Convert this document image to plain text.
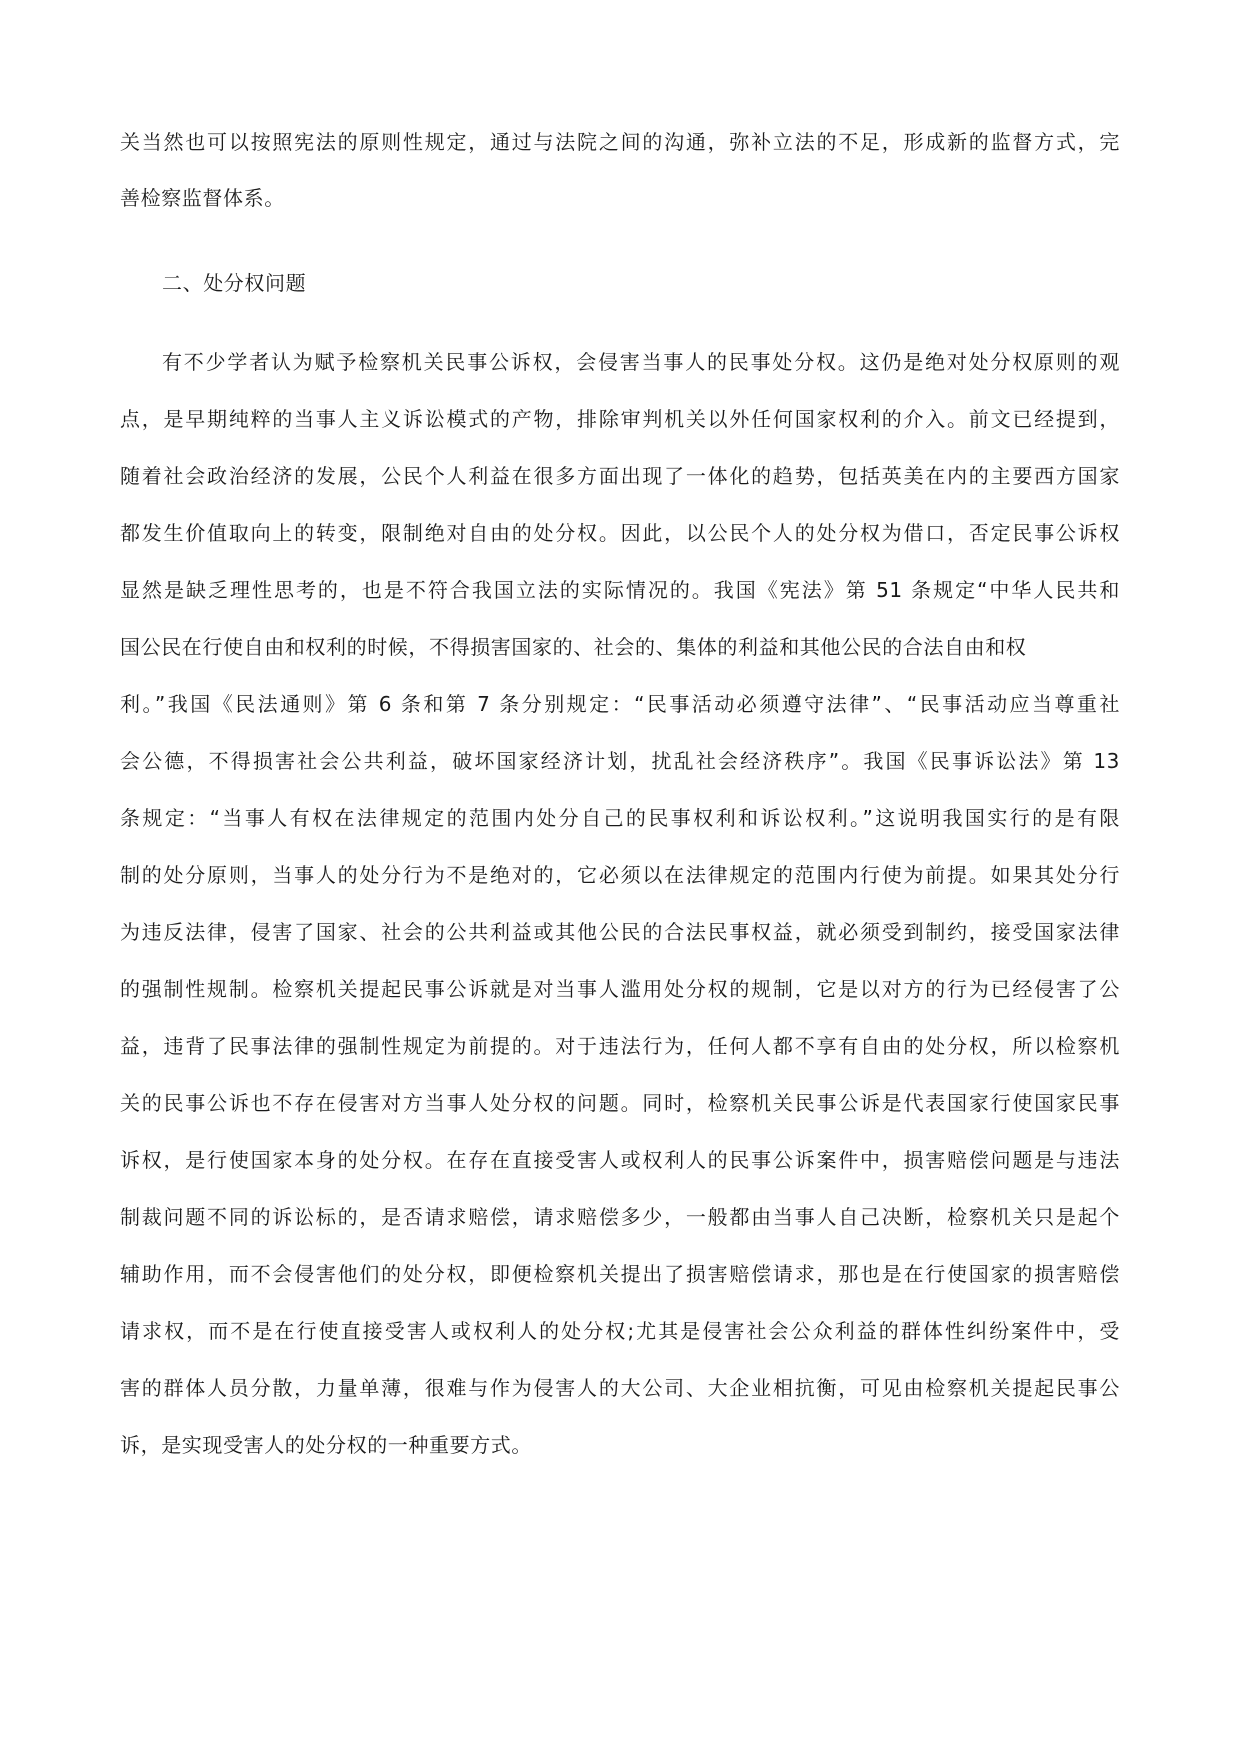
关当然也可以按照宪法的原则性规定，通过与法院之间的沟通，弥补立法的不足，形成新的监督方式，完
善检察监督体系。
二、处分权问题
有不少学者认为赋予检察机关民事公诉权，会侵害当事人的民事处分权。这仍是绝对处分权原则的观
点，是早期纯粹的当事人主义诉讼模式的产物，排除审判机关以外任何国家权利的介入。前文已经提到，
随着社会政治经济的发展，公民个人利益在很多方面出现了一体化的趋势，包括英美在内的主要西方国家
都发生价值取向上的转变，限制绝对自由的处分权。因此，以公民个人的处分权为借口，否定民事公诉权
显然是缺乏理性思考的，也是不符合我国立法的实际情况的。我国《宪法》第 51 条规定“中华人民共和
国公民在行使自由和权利的时候，不得损害国家的、社会的、集体的利益和其他公民的合法自由和权
利。”我国《民法通则》第 6 条和第 7 条分别规定：“民事活动必须遵守法律”、“民事活动应当尊重社
会公德，不得损害社会公共利益，破坏国家经济计划，扰乱社会经济秩序”。我国《民事诉讼法》第 13
条规定：“当事人有权在法律规定的范围内处分自己的民事权利和诉讼权利。”这说明我国实行的是有限
制的处分原则，当事人的处分行为不是绝对的，它必须以在法律规定的范围内行使为前提。如果其处分行
为违反法律，侵害了国家、社会的公共利益或其他公民的合法民事权益，就必须受到制约，接受国家法律
的强制性规制。检察机关提起民事公诉就是对当事人滥用处分权的规制，它是以对方的行为已经侵害了公
益，违背了民事法律的强制性规定为前提的。对于违法行为，任何人都不享有自由的处分权，所以检察机
关的民事公诉也不存在侵害对方当事人处分权的问题。同时，检察机关民事公诉是代表国家行使国家民事
诉权，是行使国家本身的处分权。在存在直接受害人或权利人的民事公诉案件中，损害赔偿问题是与违法
制裁问题不同的诉讼标的，是否请求赔偿，请求赔偿多少，一般都由当事人自己决断，检察机关只是起个
辅助作用，而不会侵害他们的处分权，即便检察机关提出了损害赔偿请求，那也是在行使国家的损害赔偿
请求权，而不是在行使直接受害人或权利人的处分权;尤其是侵害社会公众利益的群体性纠纷案件中，受
害的群体人员分散，力量单薄，很难与作为侵害人的大公司、大企业相抗衡，可见由检察机关提起民事公
诉，是实现受害人的处分权的一种重要方式。
